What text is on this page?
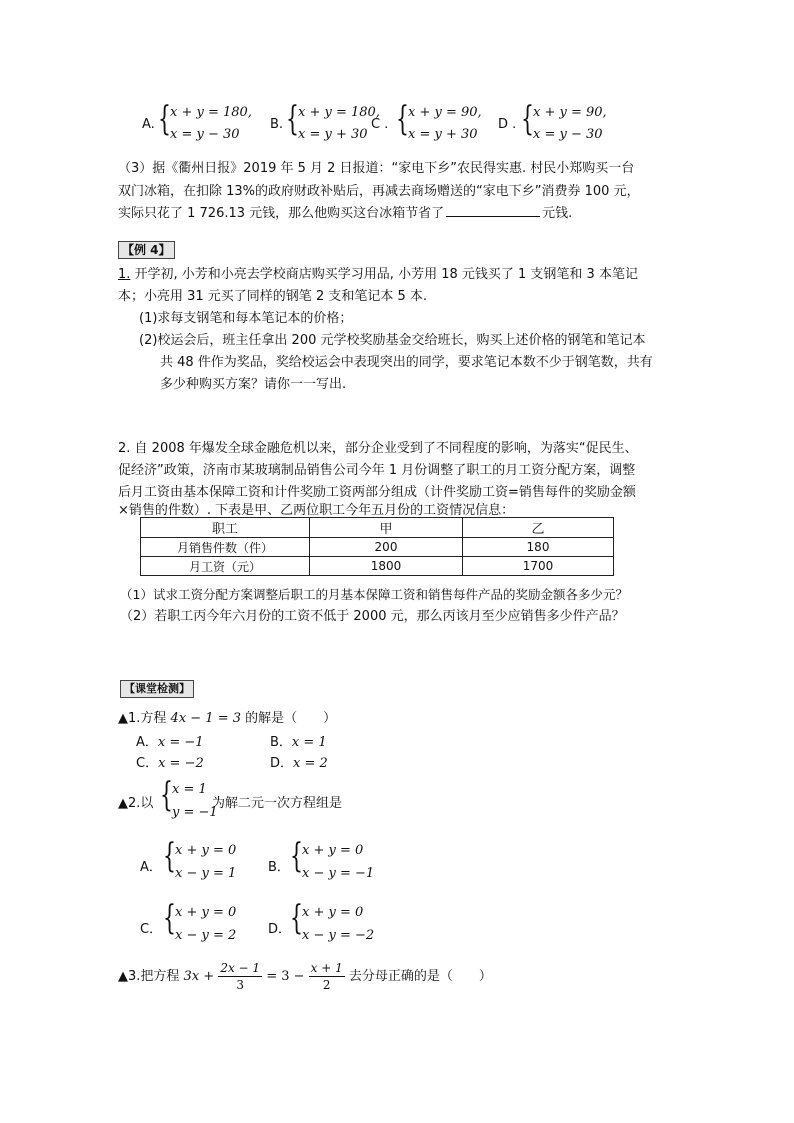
A. { x + y = 180,
x = y − 30
B. { x + y = 180,
x = y + 30
C . { x + y = 90,
x = y + 30
D . { x + y = 90,
x = y − 30
（3）据《衢州日报》2019 年 5 月 2 日报道：“家电下乡”农民得实惠. 村民小郑购买一台
双门冰箱，在扣除 13%的政府财政补贴后，再减去商场赠送的“家电下乡”消费券 100 元，
实际只花了 1 726.13 元钱，那么他购买这台冰箱节省了	元钱.
【例 4】
1. 开学初, 小芳和小亮去学校商店购买学习用品, 小芳用 18 元钱买了 1 支钢笔和 3 本笔记
本；小亮用 31 元买了同样的钢笔 2 支和笔记本 5 本.
(1)求每支钢笔和每本笔记本的价格；
(2)校运会后，班主任拿出 200 元学校奖励基金交给班长，购买上述价格的钢笔和笔记本
共 48 件作为奖品，奖给校运会中表现突出的同学，要求笔记本数不少于钢笔数，共有
多少种购买方案？请你一一写出.
2. 自 2008 年爆发全球金融危机以来，部分企业受到了不同程度的影响，为落实“促民生、
促经济”政策，济南市某玻璃制品销售公司今年 1 月份调整了职工的月工资分配方案，调整
后月工资由基本保障工资和计件奖励工资两部分组成（计件奖励工资=销售每件的奖励金额
×销售的件数）. 下表是甲、乙两位职工今年五月份的工资情况信息：
职工	甲	乙
月销售件数（件）	200	180
月工资（元）	1800	1700
（1）试求工资分配方案调整后职工的月基本保障工资和销售每件产品的奖励金额各多少元？
（2）若职工丙今年六月份的工资不低于 2000 元，那么丙该月至少应销售多少件产品？
【课堂检测】
▲1.方程 4x − 1 = 3 的解是（　　）
A．x = −1	B．x = 1
C．x = −2	D．x = 2
▲2.以 { x = 1
y = −1
为解二元一次方程组是
A． { x + y = 0
x − y = 1 B． { x + y = 0
x − y = −1
C． { x + y = 0
x − y = 2 D．
{ x + y = 0
x − y = −2
▲3.把方程 $3x + \frac{2x - 1}{3} = 3 - \frac{x + 1}{2}$ 去分母正确的是（　　）
